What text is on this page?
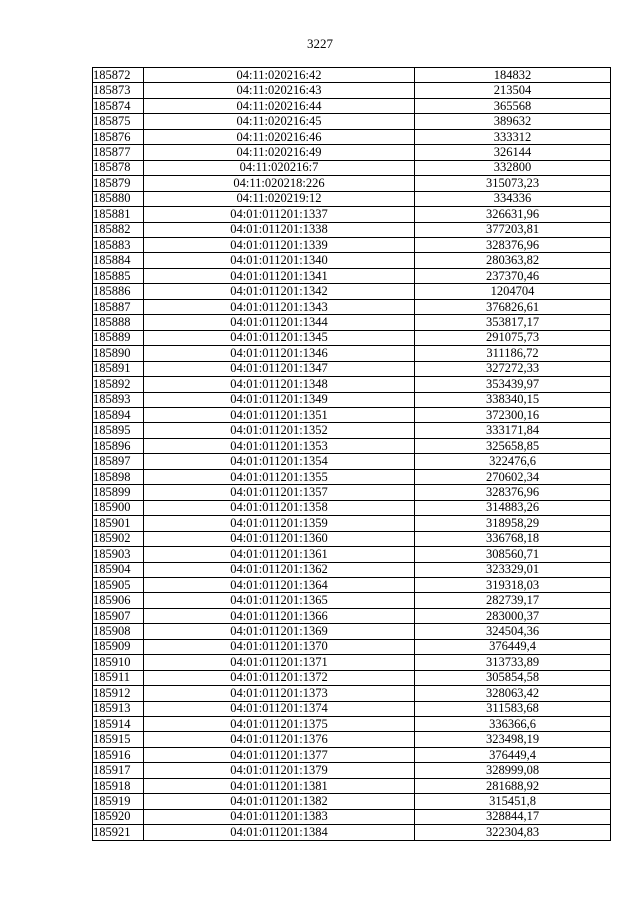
3227
185872	04:11:020216:42	184832
185873	04:11:020216:43	213504
185874	04:11:020216:44	365568
185875	04:11:020216:45	389632
185876	04:11:020216:46	333312
185877	04:11:020216:49	326144
185878	04:11:020216:7	332800
185879	04:11:020218:226	315073,23
185880	04:11:020219:12	334336
185881	04:01:011201:1337	326631,96
185882	04:01:011201:1338	377203,81
185883	04:01:011201:1339	328376,96
185884	04:01:011201:1340	280363,82
185885	04:01:011201:1341	237370,46
185886	04:01:011201:1342	1204704
185887	04:01:011201:1343	376826,61
185888	04:01:011201:1344	353817,17
185889	04:01:011201:1345	291075,73
185890	04:01:011201:1346	311186,72
185891	04:01:011201:1347	327272,33
185892	04:01:011201:1348	353439,97
185893	04:01:011201:1349	338340,15
185894	04:01:011201:1351	372300,16
185895	04:01:011201:1352	333171,84
185896	04:01:011201:1353	325658,85
185897	04:01:011201:1354	322476,6
185898	04:01:011201:1355	270602,34
185899	04:01:011201:1357	328376,96
185900	04:01:011201:1358	314883,26
185901	04:01:011201:1359	318958,29
185902	04:01:011201:1360	336768,18
185903	04:01:011201:1361	308560,71
185904	04:01:011201:1362	323329,01
185905	04:01:011201:1364	319318,03
185906	04:01:011201:1365	282739,17
185907	04:01:011201:1366	283000,37
185908	04:01:011201:1369	324504,36
185909	04:01:011201:1370	376449,4
185910	04:01:011201:1371	313733,89
185911	04:01:011201:1372	305854,58
185912	04:01:011201:1373	328063,42
185913	04:01:011201:1374	311583,68
185914	04:01:011201:1375	336366,6
185915	04:01:011201:1376	323498,19
185916	04:01:011201:1377	376449,4
185917	04:01:011201:1379	328999,08
185918	04:01:011201:1381	281688,92
185919	04:01:011201:1382	315451,8
185920	04:01:011201:1383	328844,17
185921	04:01:011201:1384	322304,83
